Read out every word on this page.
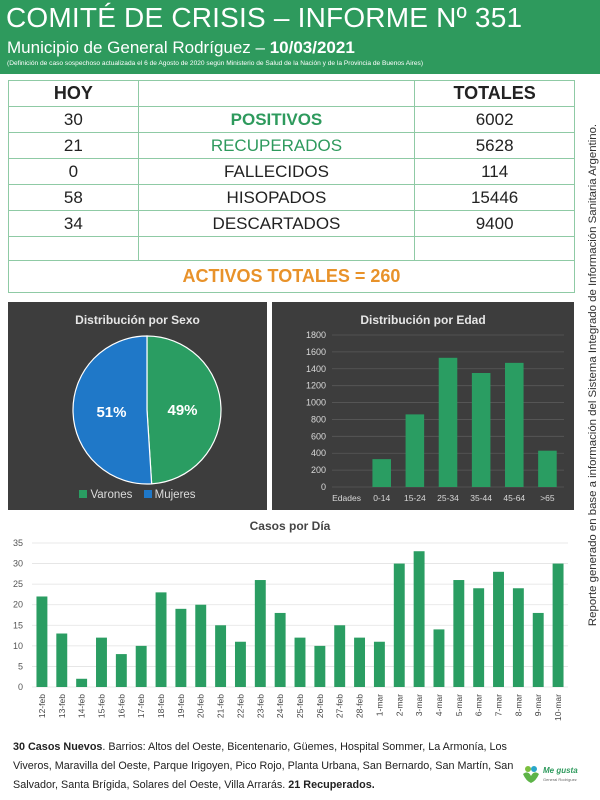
COMITÉ DE CRISIS – INFORME Nº 351
Municipio de General Rodríguez – 10/03/2021
(Definición de caso sospechoso actualizada el 6 de Agosto de 2020 según Ministerio de Salud de la Nación y de la Provincia de Buenos Aires)
Reporte generado en base a información del Sistema Integrado de Información Sanitaria Argentino.
HOY		TOTALES
30	POSITIVOS	6002
21	RECUPERADOS	5628
0	FALLECIDOS	114
58	HISOPADOS	15446
34	DESCARTADOS	9400

ACTIVOS TOTALES = 260		
Distribución por Sexo
49%
51%
Varones Mujeres
Distribución por Edad
0
200
400
600
800
1000
1200
1400
1600
1800
Edades 0-14 15-24 25-34 35-44 45-64 >65
Casos por Día
0
5
10
15
20
25
30
35
12-feb 13-feb 14-feb 15-feb 16-feb 17-feb 18-feb 19-feb 20-feb 21-feb 22-feb 23-feb 24-feb 25-feb 26-feb 27-feb 28-feb 1-mar 2-mar 3-mar 4-mar 5-mar 6-mar 7-mar 8-mar 9-mar 10-mar
30 Casos Nuevos. Barrios: Altos del Oeste, Bicentenario, Güemes, Hospital Sommer, La Armonía, Los Viveros, Maravilla del Oeste, Parque Irigoyen, Pico Rojo, Planta Urbana, San Bernardo, San Martín, San Salvador, Santa Brígida, Solares del Oeste, Villa Arrarás. 21 Recuperados.
Me gusta
General Rodríguez
